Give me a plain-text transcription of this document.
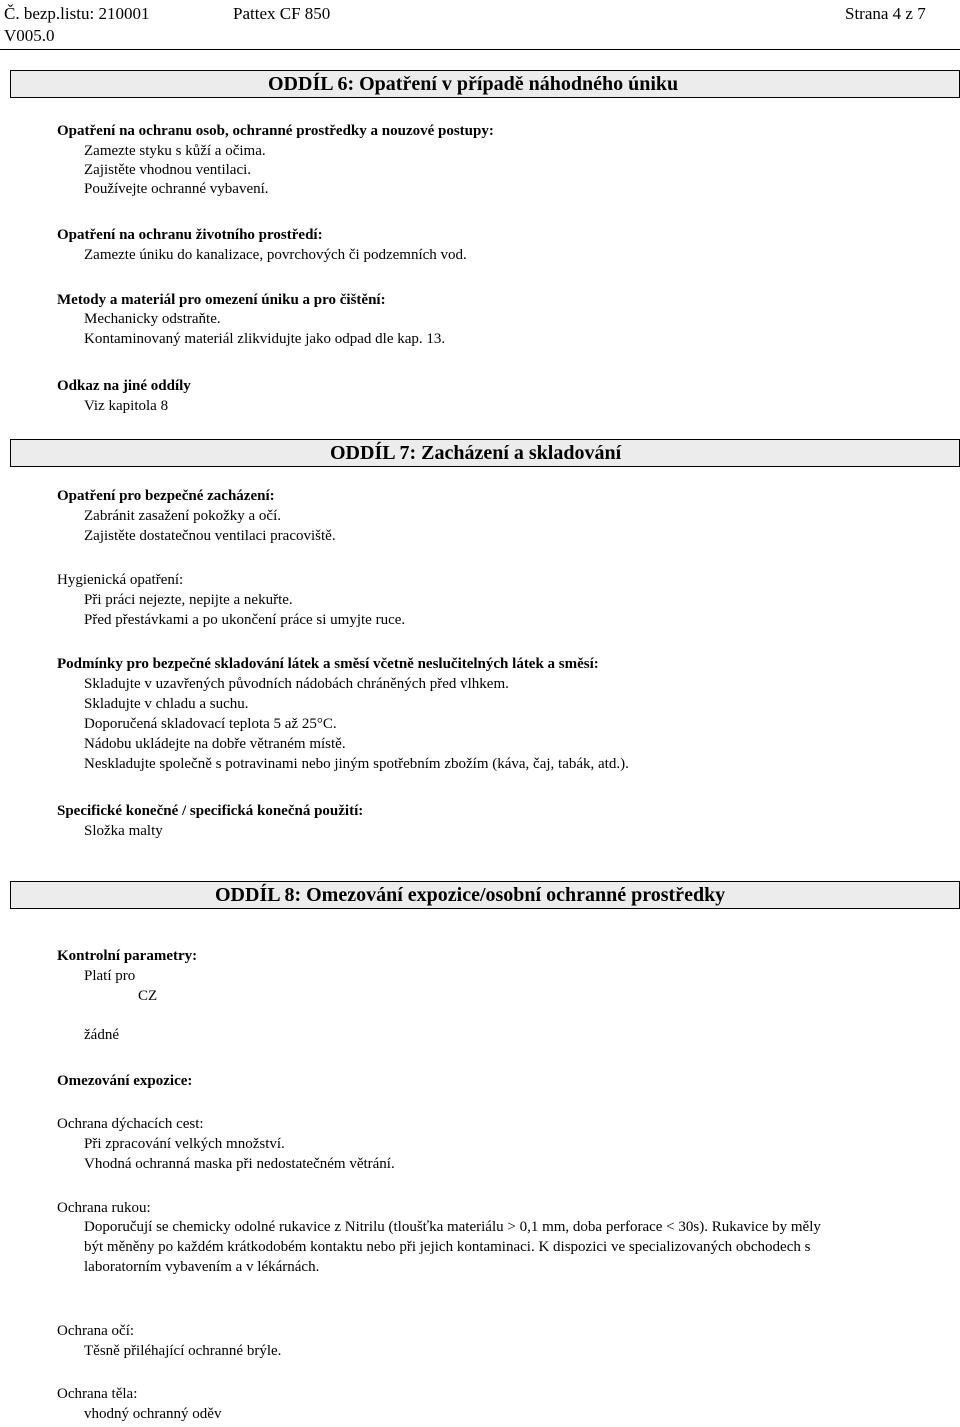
Č. bezp.listu: 210001	Pattex CF 850	Strana 4 z 7
V005.0
ODDÍL 6: Opatření v případě náhodného úniku
Opatření na ochranu osob, ochranné prostředky a nouzové postupy:
Zamezte styku s kůží a očima.
Zajistěte vhodnou ventilaci.
Používejte ochranné vybavení.
Opatření na ochranu životního prostředí:
Zamezte úniku do kanalizace, povrchových či podzemních vod.
Metody a materiál pro omezení úniku a pro čištění:
Mechanicky odstraňte.
Kontaminovaný materiál zlikvidujte jako odpad dle kap. 13.
Odkaz na jiné oddíly
Viz kapitola 8
ODDÍL 7: Zacházení a skladování
Opatření pro bezpečné zacházení:
Zabránit zasažení pokožky a očí.
Zajistěte dostatečnou ventilaci pracoviště.
Hygienická opatření:
Při práci nejezte, nepijte a nekuřte.
Před přestávkami a po ukončení práce si umyjte ruce.
Podmínky pro bezpečné skladování látek a směsí včetně neslučitelných látek a směsí:
Skladujte v uzavřených původních nádobách chráněných před vlhkem.
Skladujte v chladu a suchu.
Doporučená skladovací teplota 5 až 25°C.
Nádobu ukládejte na dobře větraném místě.
Neskladujte společně s potravinami nebo jiným spotřebním zbožím (káva, čaj, tabák, atd.).
Specifické konečné / specifická konečná použití:
Složka malty
ODDÍL 8: Omezování expozice/osobní ochranné prostředky
Kontrolní parametry:
Platí pro
CZ
žádné
Omezování expozice:
Ochrana dýchacích cest:
Při zpracování velkých množství.
Vhodná ochranná maska při nedostatečném větrání.
Ochrana rukou:
Doporučují se chemicky odolné rukavice z Nitrilu (tloušťka materiálu > 0,1 mm, doba perforace < 30s). Rukavice by měly
být měněny po každém krátkodobém kontaktu nebo při jejich kontaminaci. K dispozici ve specializovaných obchodech s
laboratorním vybavením a v lékárnách.
Ochrana očí:
Těsně přiléhající ochranné brýle.
Ochrana těla:
vhodný ochranný oděv
